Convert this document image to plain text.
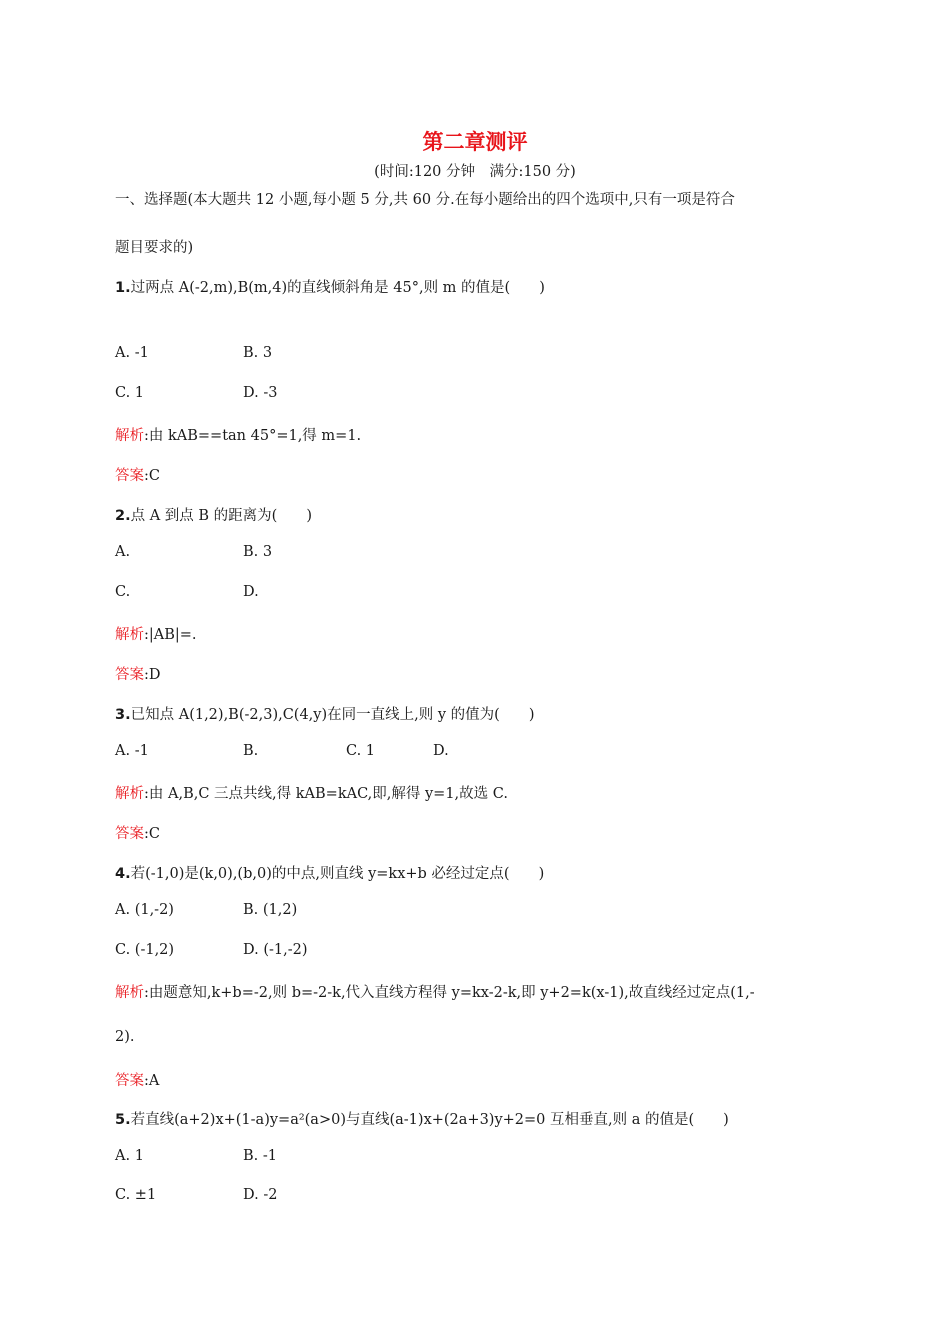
第二章测评
(时间:120 分钟　满分:150 分)
一、选择题(本大题共 12 小题,每小题 5 分,共 60 分.在每小题给出的四个选项中,只有一项是符合
题目要求的)
1.过两点 A(-2,m),B(m,4)的直线倾斜角是 45°,则 m 的值是(　　)
A. -1	B. 3
C. 1	D. -3
解析:由 kAB==tan 45°=1,得 m=1.
答案:C
2.点 A 到点 B 的距离为(　　)
A.	B. 3
C.	D.
解析:|AB|=.
答案:D
3.已知点 A(1,2),B(-2,3),C(4,y)在同一直线上,则 y 的值为(　　)
A. -1	B.	C. 1	D.
解析:由 A,B,C 三点共线,得 kAB=kAC,即,解得 y=1,故选 C.
答案:C
4.若(-1,0)是(k,0),(b,0)的中点,则直线 y=kx+b 必经过定点(　　)
A. (1,-2)	B. (1,2)
C. (-1,2)	D. (-1,-2)
解析:由题意知,k+b=-2,则 b=-2-k,代入直线方程得 y=kx-2-k,即 y+2=k(x-1),故直线经过定点(1,-
2).
答案:A
5.若直线(a+2)x+(1-a)y=a²(a>0)与直线(a-1)x+(2a+3)y+2=0 互相垂直,则 a 的值是(　　)
A. 1	B. -1
C. ±1	D. -2
